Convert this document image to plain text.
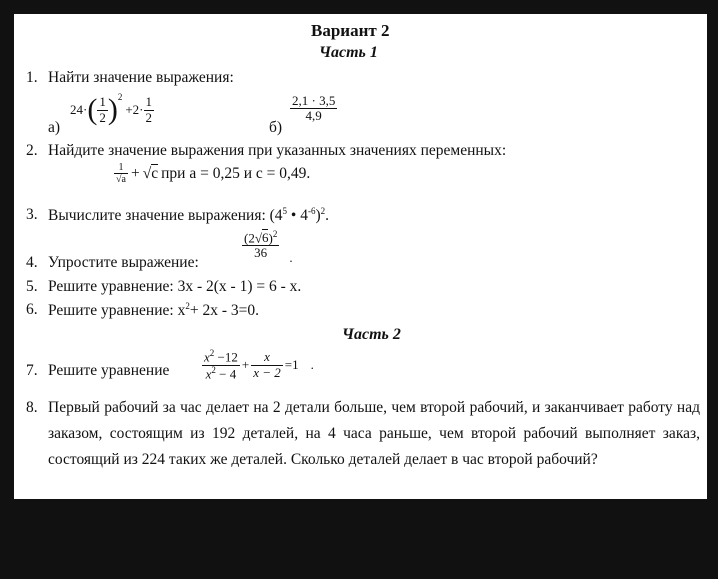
Вариант 2
Часть 1
1. Найти значение выражения:
а)
24· ( $\frac{1}{2}$ ) 2
$+2\cdot \frac{1}{2}$
б)
$\frac{2,1 \cdot 3,5}{4,9}$
2. Найдите значение выражения при указанных значениях переменных:
$\frac{1}{√a} + √c$ при а = 0,25 и с = 0,49.
3. Вычислите значение выражения: ($4^5$ • $4^{-6})^2$.
4. Упростите выражение:
$\frac{(2√6)^2}{36}$ .
5. Решите уравнение: 3х - 2(х - 1) = 6 - х.
6. Решите уравнение: $х^2+ 2х - 3=0$.
Часть 2
7. Решите уравнение	$\frac{x^2 -12}{x^2 - 4} + \frac{x}{x - 2} =1$ .
8. Первый рабочий за час делает на 2 детали больше, чем второй рабочий, и заканчивает работу над заказом, состоящим из 192 деталей, на 4 часа раньше, чем второй рабочий выполняет заказ, состоящий из 224 таких же деталей. Сколько деталей делает в час второй рабочий?
